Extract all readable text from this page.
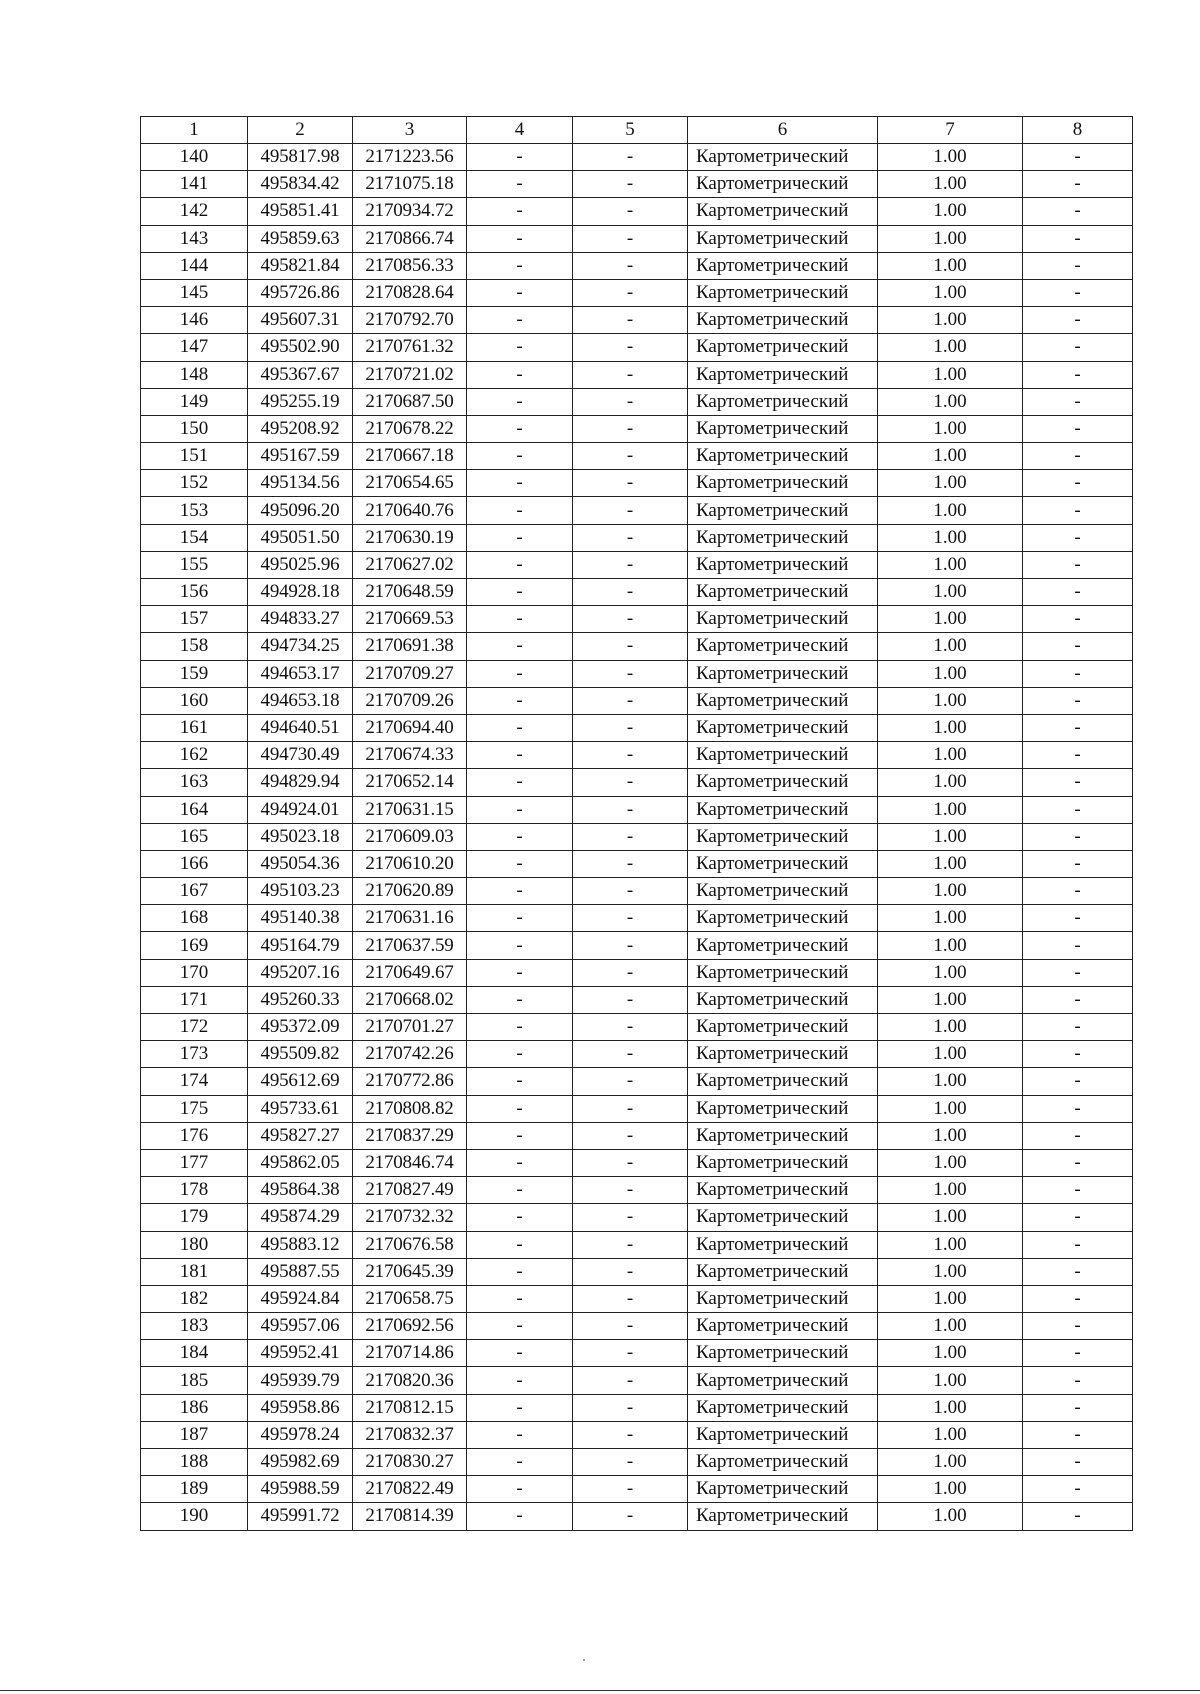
1	2	3	4	5	6	7	8
140	495817.98	2171223.56	-	-	Картометрический	1.00	-
141	495834.42	2171075.18	-	-	Картометрический	1.00	-
142	495851.41	2170934.72	-	-	Картометрический	1.00	-
143	495859.63	2170866.74	-	-	Картометрический	1.00	-
144	495821.84	2170856.33	-	-	Картометрический	1.00	-
145	495726.86	2170828.64	-	-	Картометрический	1.00	-
146	495607.31	2170792.70	-	-	Картометрический	1.00	-
147	495502.90	2170761.32	-	-	Картометрический	1.00	-
148	495367.67	2170721.02	-	-	Картометрический	1.00	-
149	495255.19	2170687.50	-	-	Картометрический	1.00	-
150	495208.92	2170678.22	-	-	Картометрический	1.00	-
151	495167.59	2170667.18	-	-	Картометрический	1.00	-
152	495134.56	2170654.65	-	-	Картометрический	1.00	-
153	495096.20	2170640.76	-	-	Картометрический	1.00	-
154	495051.50	2170630.19	-	-	Картометрический	1.00	-
155	495025.96	2170627.02	-	-	Картометрический	1.00	-
156	494928.18	2170648.59	-	-	Картометрический	1.00	-
157	494833.27	2170669.53	-	-	Картометрический	1.00	-
158	494734.25	2170691.38	-	-	Картометрический	1.00	-
159	494653.17	2170709.27	-	-	Картометрический	1.00	-
160	494653.18	2170709.26	-	-	Картометрический	1.00	-
161	494640.51	2170694.40	-	-	Картометрический	1.00	-
162	494730.49	2170674.33	-	-	Картометрический	1.00	-
163	494829.94	2170652.14	-	-	Картометрический	1.00	-
164	494924.01	2170631.15	-	-	Картометрический	1.00	-
165	495023.18	2170609.03	-	-	Картометрический	1.00	-
166	495054.36	2170610.20	-	-	Картометрический	1.00	-
167	495103.23	2170620.89	-	-	Картометрический	1.00	-
168	495140.38	2170631.16	-	-	Картометрический	1.00	-
169	495164.79	2170637.59	-	-	Картометрический	1.00	-
170	495207.16	2170649.67	-	-	Картометрический	1.00	-
171	495260.33	2170668.02	-	-	Картометрический	1.00	-
172	495372.09	2170701.27	-	-	Картометрический	1.00	-
173	495509.82	2170742.26	-	-	Картометрический	1.00	-
174	495612.69	2170772.86	-	-	Картометрический	1.00	-
175	495733.61	2170808.82	-	-	Картометрический	1.00	-
176	495827.27	2170837.29	-	-	Картометрический	1.00	-
177	495862.05	2170846.74	-	-	Картометрический	1.00	-
178	495864.38	2170827.49	-	-	Картометрический	1.00	-
179	495874.29	2170732.32	-	-	Картометрический	1.00	-
180	495883.12	2170676.58	-	-	Картометрический	1.00	-
181	495887.55	2170645.39	-	-	Картометрический	1.00	-
182	495924.84	2170658.75	-	-	Картометрический	1.00	-
183	495957.06	2170692.56	-	-	Картометрический	1.00	-
184	495952.41	2170714.86	-	-	Картометрический	1.00	-
185	495939.79	2170820.36	-	-	Картометрический	1.00	-
186	495958.86	2170812.15	-	-	Картометрический	1.00	-
187	495978.24	2170832.37	-	-	Картометрический	1.00	-
188	495982.69	2170830.27	-	-	Картометрический	1.00	-
189	495988.59	2170822.49	-	-	Картометрический	1.00	-
190	495991.72	2170814.39	-	-	Картометрический	1.00	-
